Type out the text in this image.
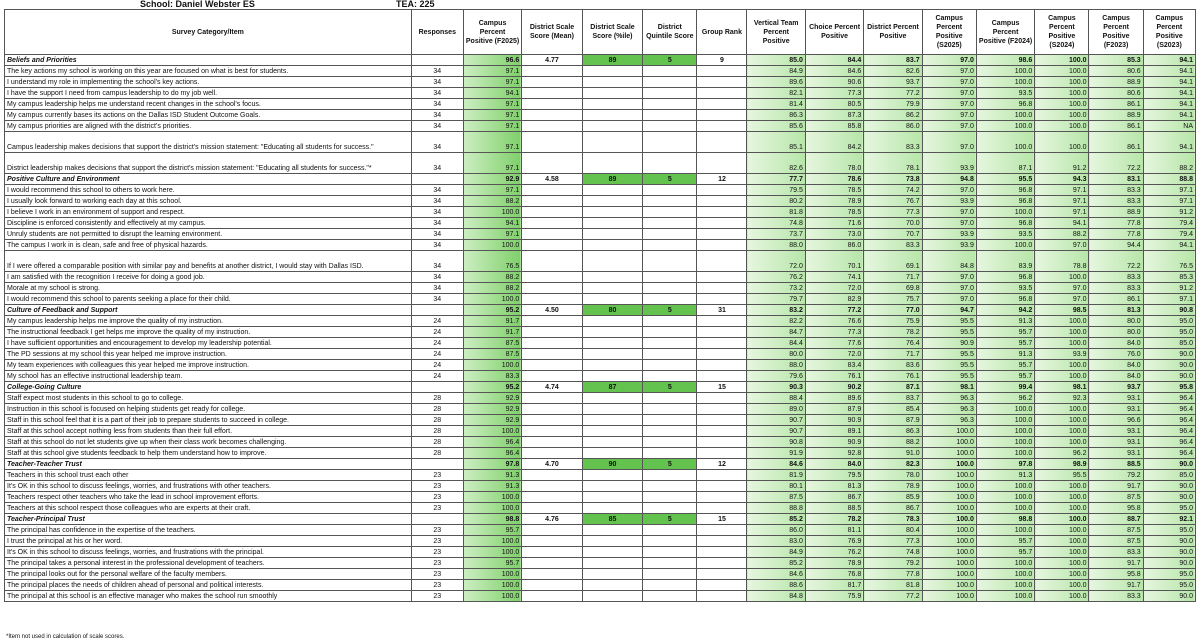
School: Daniel Webster ES	TEA: 225
Survey Category/Item	Responses	Campus Percent Positive (F2025)	District Scale Score (Mean)	District Scale Score (%ile)	District Quintile Score	Group Rank	Vertical Team Percent Positive	Choice Percent Positive	District Percent Positive	Campus Percent Positive (S2025)	Campus Percent Positive (F2024)	Campus Percent Positive (S2024)	Campus Percent Positive (F2023)	Campus Percent Positive (S2023)
Beliefs and Priorities		96.6	4.77	89	5	9	85.0	84.4	83.7	97.0	98.6	100.0	85.3	94.1
The key actions my school is working on this year are focused on what is best for students.	34	97.1					84.9	84.6	82.6	97.0	100.0	100.0	80.6	94.1
I understand my role in implementing the school's key actions.	34	97.1					89.6	90.6	93.7	97.0	100.0	100.0	88.9	94.1
I have the support I need from campus leadership to do my job well.	34	94.1					82.1	77.3	77.2	97.0	93.5	100.0	80.6	94.1
My campus leadership helps me understand recent changes in the school's focus.	34	97.1					81.4	80.5	79.9	97.0	96.8	100.0	86.1	94.1
My campus currently bases its actions on the Dallas ISD Student Outcome Goals.	34	97.1					86.3	87.3	86.2	97.0	100.0	100.0	88.9	94.1
My campus priorities are aligned with the district's priorities.	34	97.1					85.6	85.8	86.0	97.0	100.0	100.0	86.1	NA
Campus leadership makes decisions that support the district's mission statement: "Educating all students for success."	34	97.1					85.1	84.2	83.3	97.0	100.0	100.0	86.1	94.1
District leadership makes decisions that support the district's mission statement: "Educating all students for success."*	34	97.1					82.6	78.0	78.1	93.9	87.1	91.2	72.2	88.2
Positive Culture and Environment		92.9	4.58	89	5	12	77.7	78.6	73.8	94.8	95.5	94.3	83.1	88.8
I would recommend this school to others to work here.	34	97.1					79.5	78.5	74.2	97.0	96.8	97.1	83.3	97.1
I usually look forward to working each day at this school.	34	88.2					80.2	78.9	76.7	93.9	96.8	97.1	83.3	97.1
I believe I work in an environment of support and respect.	34	100.0					81.8	78.5	77.3	97.0	100.0	97.1	88.9	91.2
Discipline is enforced consistently and effectively at my campus.	34	94.1					74.8	71.6	70.0	97.0	96.8	94.1	77.8	79.4
Unruly students are not permitted to disrupt the learning environment.	34	97.1					73.7	73.0	70.7	93.9	93.5	88.2	77.8	79.4
The campus I work in is clean, safe and free of physical hazards.	34	100.0					88.0	86.0	83.3	93.9	100.0	97.0	94.4	94.1
If I were offered a comparable position with similar pay and benefits at another district, I would stay with Dallas ISD.	34	76.5					72.0	70.1	69.1	84.8	83.9	78.8	72.2	76.5
I am satisfied with the recognition I receive for doing a good job.	34	88.2					76.2	74.1	71.7	97.0	96.8	100.0	83.3	85.3
Morale at my school is strong.	34	88.2					73.2	72.0	69.8	97.0	93.5	97.0	83.3	91.2
I would recommend this school to parents seeking a place for their child.	34	100.0					79.7	82.9	75.7	97.0	96.8	97.0	86.1	97.1
Culture of Feedback and Support		95.2	4.50	80	5	31	83.2	77.2	77.0	94.7	94.2	98.5	81.3	90.8
My campus leadership helps me improve the quality of my instruction.	24	91.7					82.2	76.6	75.9	95.5	91.3	100.0	80.0	95.0
The instructional feedback I get helps me improve the quality of my instruction.	24	91.7					84.7	77.3	78.2	95.5	95.7	100.0	80.0	95.0
I have sufficient opportunities and encouragement to develop my leadership potential.	24	87.5					84.4	77.6	76.4	90.9	95.7	100.0	84.0	85.0
The PD sessions at my school this year helped me improve instruction.	24	87.5					80.0	72.0	71.7	95.5	91.3	93.9	76.0	90.0
My team experiences with colleagues this year helped me improve instruction.	24	100.0					88.0	83.4	83.6	95.5	95.7	100.0	84.0	90.0
My school has an effective instructional leadership team.	24	83.3					79.6	76.1	76.1	95.5	95.7	100.0	84.0	90.0
College-Going Culture		95.2	4.74	87	5	15	90.3	90.2	87.1	98.1	99.4	98.1	93.7	95.8
Staff expect most students in this school to go to college.	28	92.9					88.4	89.6	83.7	96.3	96.2	92.3	93.1	96.4
Instruction in this school is focused on helping students get ready for college.	28	92.9					89.0	87.9	85.4	96.3	100.0	100.0	93.1	96.4
Staff in this school feel that it is a part of their job to prepare students to succeed in college.	28	92.9					90.7	90.9	87.9	96.3	100.0	100.0	96.6	96.4
Staff at this school accept nothing less from students than their full effort.	28	100.0					90.7	89.1	86.3	100.0	100.0	100.0	93.1	96.4
Staff at this school do not let students give up when their class work becomes challenging.	28	96.4					90.8	90.9	88.2	100.0	100.0	100.0	93.1	96.4
Staff at this school give students feedback to help them understand how to improve.	28	96.4					91.9	92.8	91.0	100.0	100.0	96.2	93.1	96.4
Teacher-Teacher Trust		97.8	4.70	90	5	12	84.6	84.0	82.3	100.0	97.8	98.9	88.5	90.0
Teachers in this school trust each other	23	91.3					81.9	79.5	78.0	100.0	91.3	95.5	79.2	85.0
It's OK in this school to discuss feelings, worries, and frustrations with other teachers.	23	91.3					80.1	81.3	78.9	100.0	100.0	100.0	91.7	90.0
Teachers respect other teachers who take the lead in school improvement efforts.	23	100.0					87.5	86.7	85.9	100.0	100.0	100.0	87.5	90.0
Teachers at this school respect those colleagues who are experts at their craft.	23	100.0					88.8	88.5	86.7	100.0	100.0	100.0	95.8	95.0
Teacher-Principal Trust		98.8	4.76	85	5	15	85.2	78.2	78.3	100.0	98.8	100.0	88.7	92.1
The principal has confidence in the expertise of the teachers.	23	95.7					86.0	81.1	80.4	100.0	100.0	100.0	87.5	95.0
I trust the principal at his or her word.	23	100.0					83.0	76.9	77.3	100.0	95.7	100.0	87.5	90.0
It's OK in this school to discuss feelings, worries, and frustrations with the principal.	23	100.0					84.9	76.2	74.8	100.0	95.7	100.0	83.3	90.0
The principal takes a personal interest in the professional development of teachers.	23	95.7					85.2	78.9	79.2	100.0	100.0	100.0	91.7	90.0
The principal looks out for the personal welfare of the faculty members.	23	100.0					84.6	76.8	77.8	100.0	100.0	100.0	95.8	95.0
The principal places the needs of children ahead of personal and political interests.	23	100.0					88.6	81.7	81.8	100.0	100.0	100.0	91.7	95.0
The principal at this school is an effective manager who makes the school run smoothly	23	100.0					84.8	75.9	77.2	100.0	100.0	100.0	83.3	90.0
*Item not used in calculation of scale scores.
